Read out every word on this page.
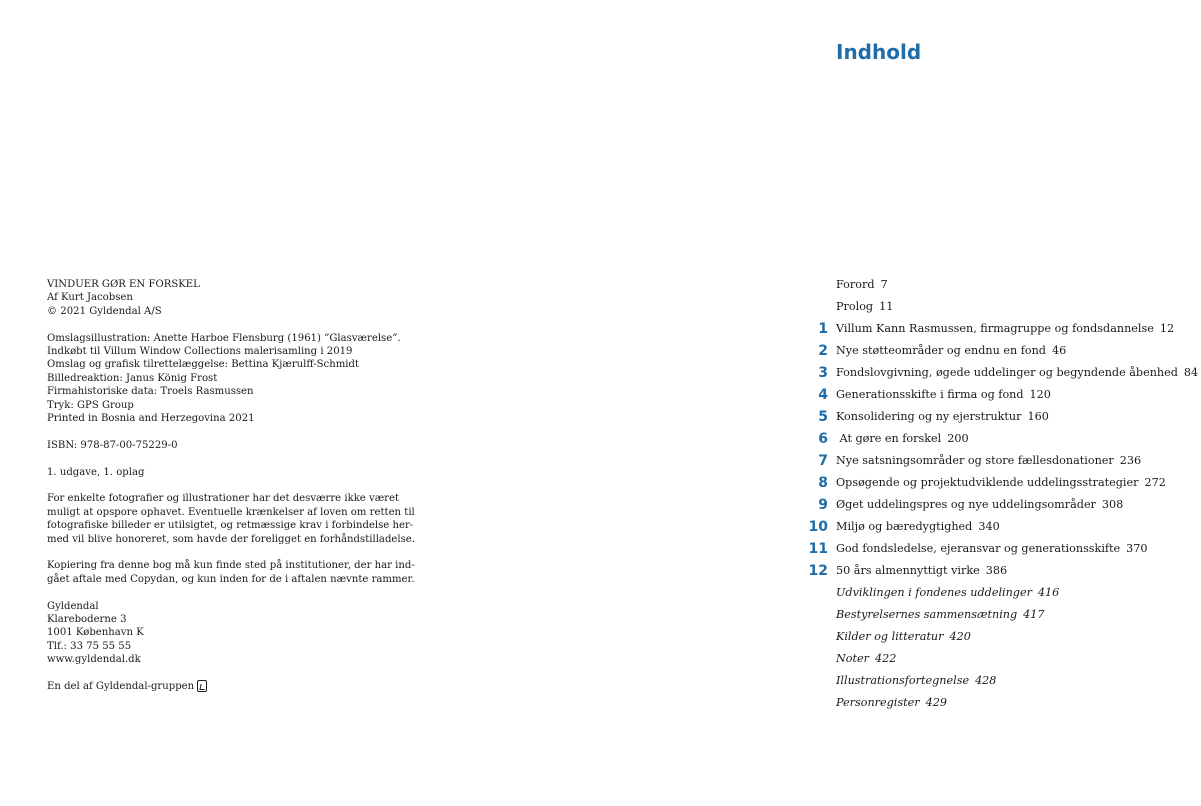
VINDUER GØR EN FORSKEL
Af Kurt Jacobsen
© 2021 Gyldendal A/S

Omslagsillustration: Anette Harboe Flensburg (1961) ”Glasværelse”.
Indkøbt til Villum Window Collections malerisamling i 2019
Omslag og grafisk tilrettelæggelse: Bettina Kjærulff-Schmidt
Billedreaktion: Janus König Frost
Firmahistoriske data: Troels Rasmussen
Tryk: GPS Group
Printed in Bosnia and Herzegovina 2021

ISBN: 978-87-00-75229-0

1. udgave, 1. oplag

For enkelte fotografier og illustrationer har det desværre ikke været
muligt at opspore ophavet. Eventuelle krænkelser af loven om retten til
fotografiske billeder er utilsigtet, og retmæssige krav i forbindelse her-
med vil blive honoreret, som havde der foreligget en forhåndstilladelse.

Kopiering fra denne bog må kun finde sted på institutioner, der har ind-
gået aftale med Copydan, og kun inden for de i aftalen nævnte rammer.

Gyldendal
Klareboderne 3
1001 København K
Tlf.: 33 75 55 55
www.gyldendal.dk

En del af Gyldendal-gruppen

Indhold
Forord 7
Prolog 11
1 Villum Kann Rasmussen, firmagruppe og fondsdannelse 12
2 Nye støtteområder og endnu en fond 46
3 Fondslovgivning, øgede uddelinger og begyndende åbenhed 84
4 Generationsskifte i firma og fond 120
5 Konsolidering og ny ejerstruktur 160
6 At gøre en forskel 200
7 Nye satsningsområder og store fællesdonationer 236
8 Opsøgende og projektudviklende uddelingsstrategier 272
9 Øget uddelingspres og nye uddelingsområder 308
10 Miljø og bæredygtighed 340
11 God fondsledelse, ejeransvar og generationsskifte 370
12 50 års almennyttigt virke 386
Udviklingen i fondenes uddelinger 416
Bestyrelsernes sammensætning 417
Kilder og litteratur 420
Noter 422
Illustrationsfortegnelse 428
Personregister 429
